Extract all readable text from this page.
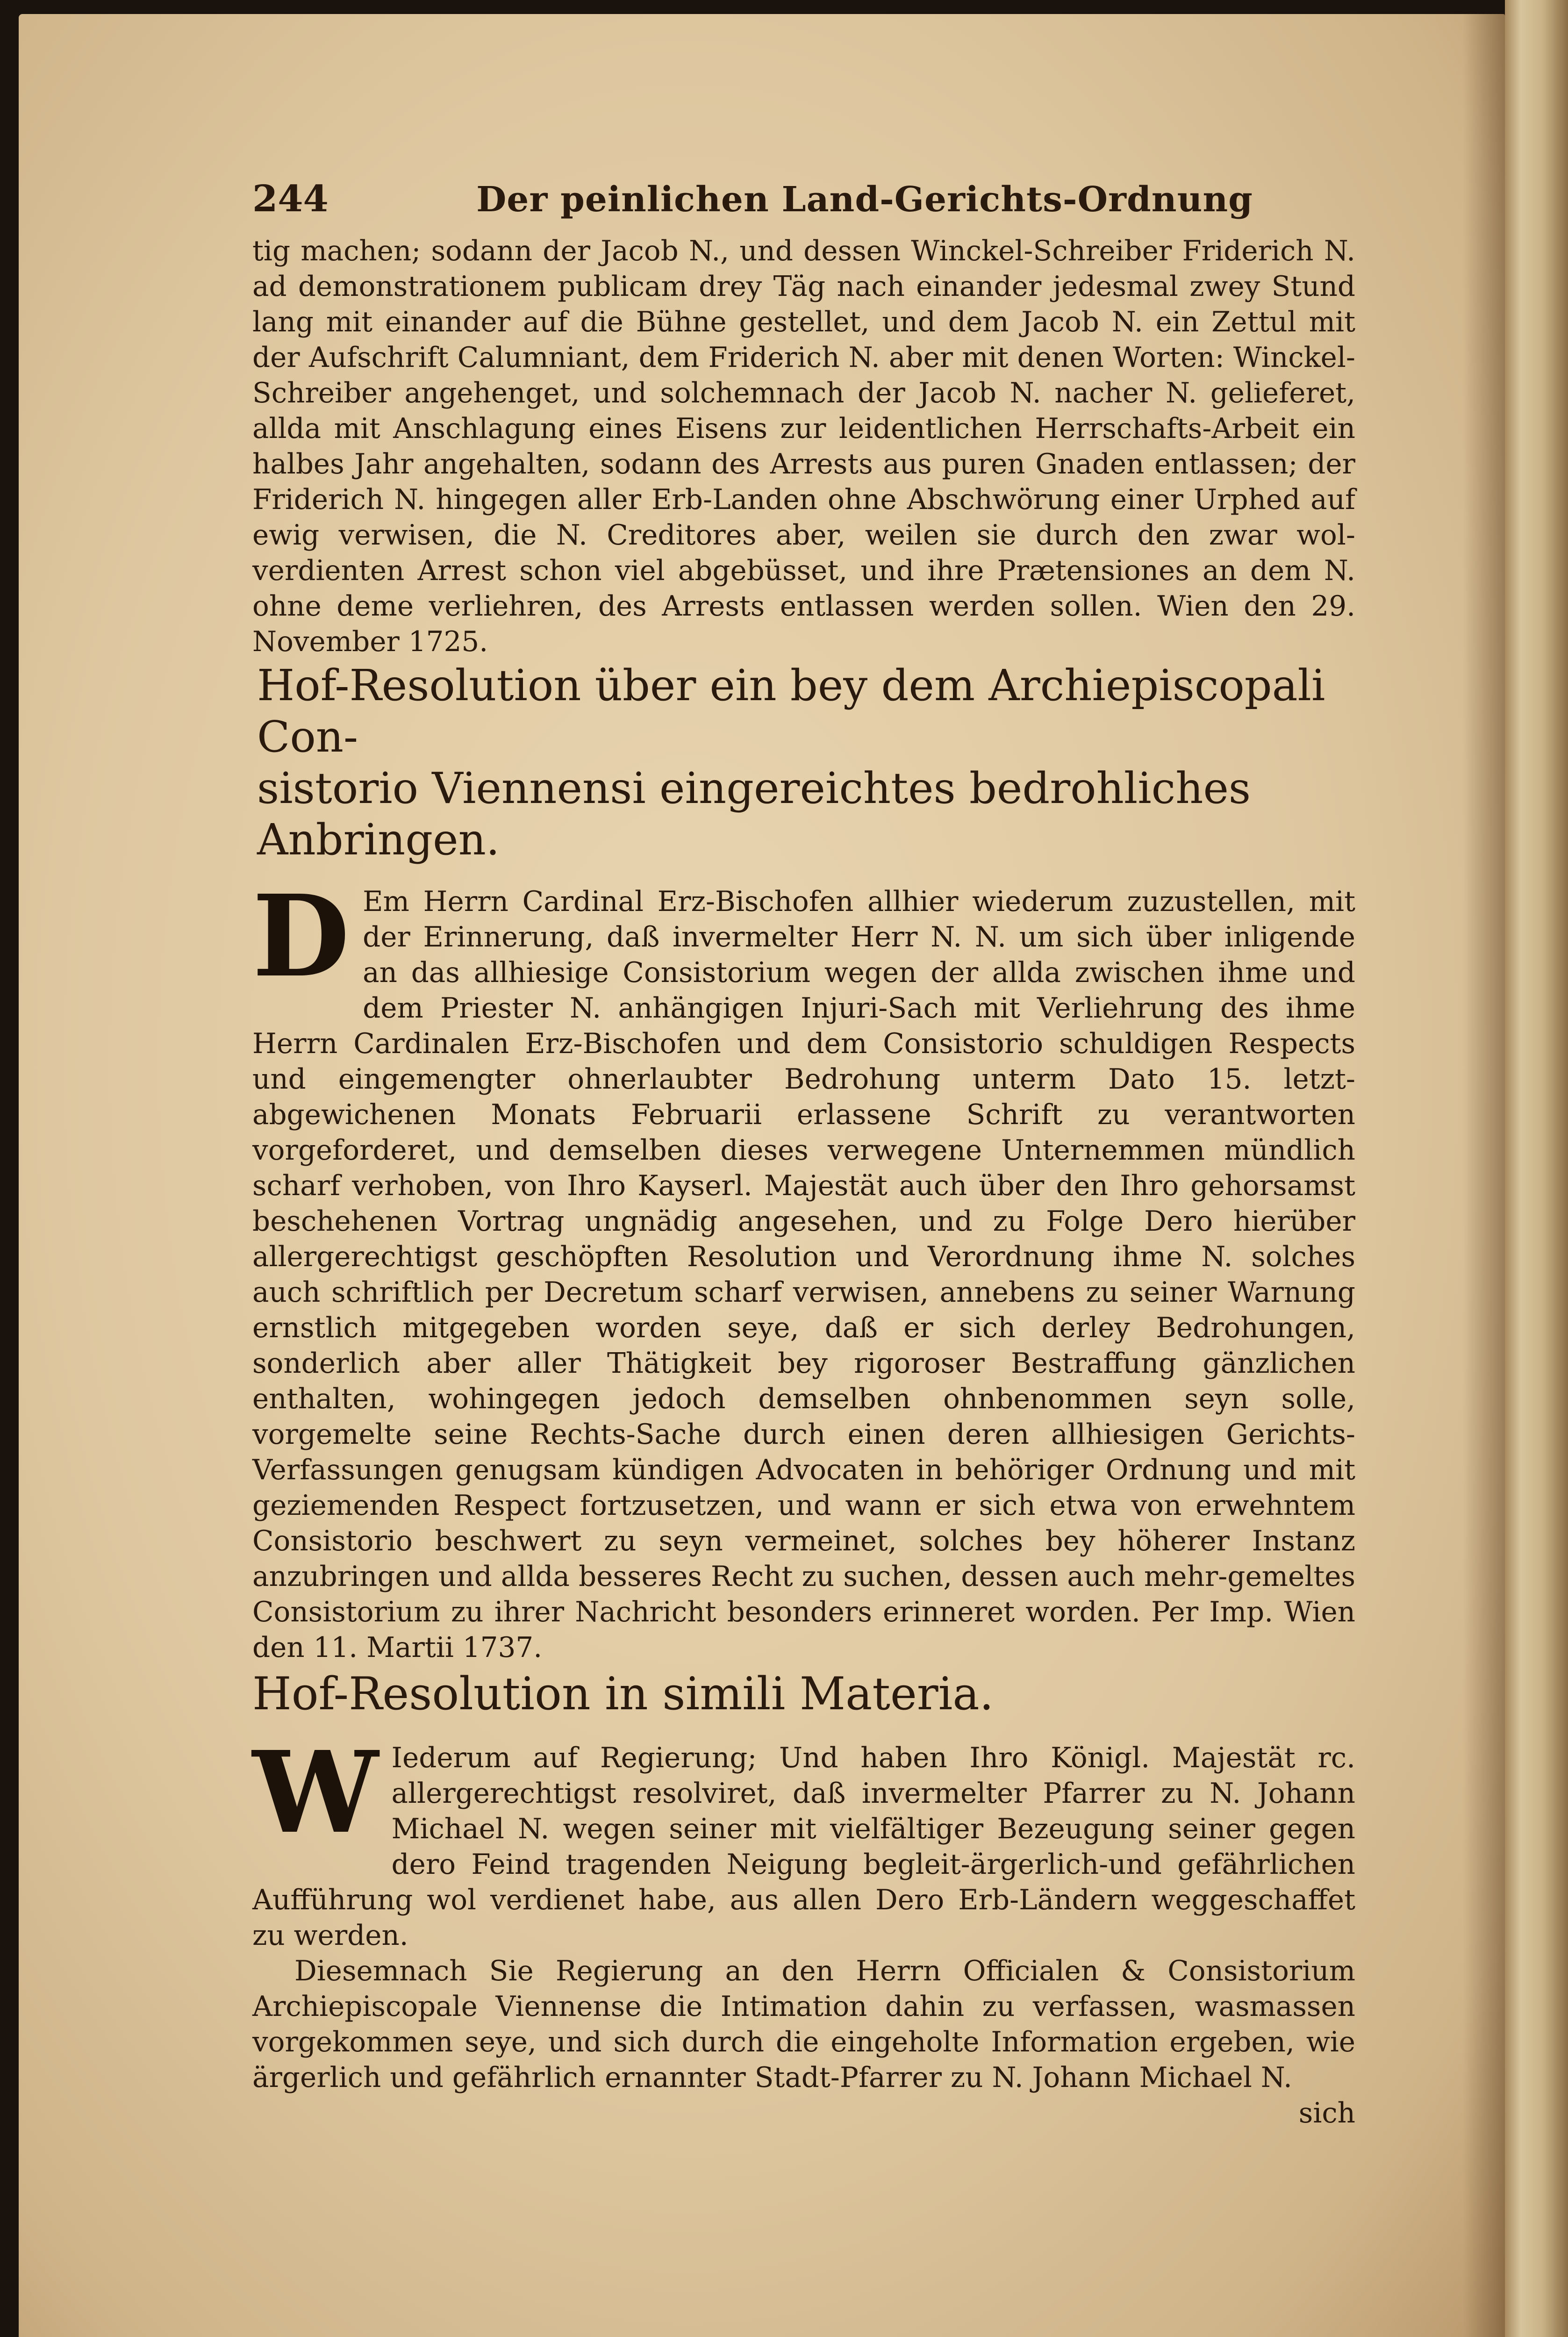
244	Der peinlichen Land-Gerichts-Ordnung

tig machen; sodann der Jacob N., und dessen Winckel-Schreiber Friderich N. ad demonstrationem publicam drey Täg nach einander jedesmal zwey Stund lang mit einander auf die Bühne gestellet, und dem Jacob N. ein Zettul mit der Aufschrift Calumniant, dem Friderich N. aber mit denen Worten: Winckel-Schreiber angehenget, und solchemnach der Jacob N. nacher N. gelieferet, allda mit Anschlagung eines Eisens zur leidentlichen Herrschafts-Arbeit ein halbes Jahr angehalten, sodann des Arrests aus puren Gnaden entlassen; der Friderich N. hingegen aller Erb-Landen ohne Abschwörung einer Urphed auf ewig verwisen, die N. Creditores aber, weilen sie durch den zwar wol-verdienten Arrest schon viel abgebüsset, und ihre Prætensiones an dem N. ohne deme verliehren, des Arrests entlassen werden sollen. Wien den 29. November 1725.

Hof-Resolution über ein bey dem Archiepiscopali Con-
sistorio Viennensi eingereichtes bedrohliches Anbringen.
D Em Herrn Cardinal Erz-Bischofen allhier wiederum zuzustellen, mit der Erinnerung, daß invermelter Herr N. N. um sich über inligende an das allhiesige Consistorium wegen der allda zwischen ihme und dem Priester N. anhängigen Injuri-Sach mit Verliehrung des ihme Herrn Cardinalen Erz-Bischofen und dem Consistorio schuldigen Respects und eingemengter ohnerlaubter Bedrohung unterm Dato 15. letzt-abgewichenen Monats Februarii erlassene Schrift zu verantworten vorgeforderet, und demselben dieses verwegene Unternemmen mündlich scharf verhoben, von Ihro Kayserl. Majestät auch über den Ihro gehorsamst beschehenen Vortrag ungnädig angesehen, und zu Folge Dero hierüber allergerechtigst geschöpften Resolution und Verordnung ihme N. solches auch schriftlich per Decretum scharf verwisen, annebens zu seiner Warnung ernstlich mitgegeben worden seye, daß er sich derley Bedrohungen, sonderlich aber aller Thätigkeit bey rigoroser Bestraffung gänzlichen enthalten, wohingegen jedoch demselben ohnbenommen seyn solle, vorgemelte seine Rechts-Sache durch einen deren allhiesigen Gerichts-Verfassungen genugsam kündigen Advocaten in behöriger Ordnung und mit geziemenden Respect fortzusetzen, und wann er sich etwa von erwehntem Consistorio beschwert zu seyn vermeinet, solches bey höherer Instanz anzubringen und allda besseres Recht zu suchen, dessen auch mehr-gemeltes Consistorium zu ihrer Nachricht besonders erinneret worden. Per Imp. Wien den 11. Martii 1737.

Hof-Resolution in simili Materia.
W Iederum auf Regierung; Und haben Ihro Königl. Majestät rc. allergerechtigst resolviret, daß invermelter Pfarrer zu N. Johann Michael N. wegen seiner mit vielfältiger Bezeugung seiner gegen dero Feind tragenden Neigung begleit-ärgerlich-und gefährlichen Aufführung wol verdienet habe, aus allen Dero Erb-Ländern weggeschaffet zu werden.

Diesemnach Sie Regierung an den Herrn Officialen & Consistorium Archiepiscopale Viennense die Intimation dahin zu verfassen, wasmassen vorgekommen seye, und sich durch die eingeholte Information ergeben, wie ärgerlich und gefährlich ernannter Stadt-Pfarrer zu N. Johann Michael N.

sich
